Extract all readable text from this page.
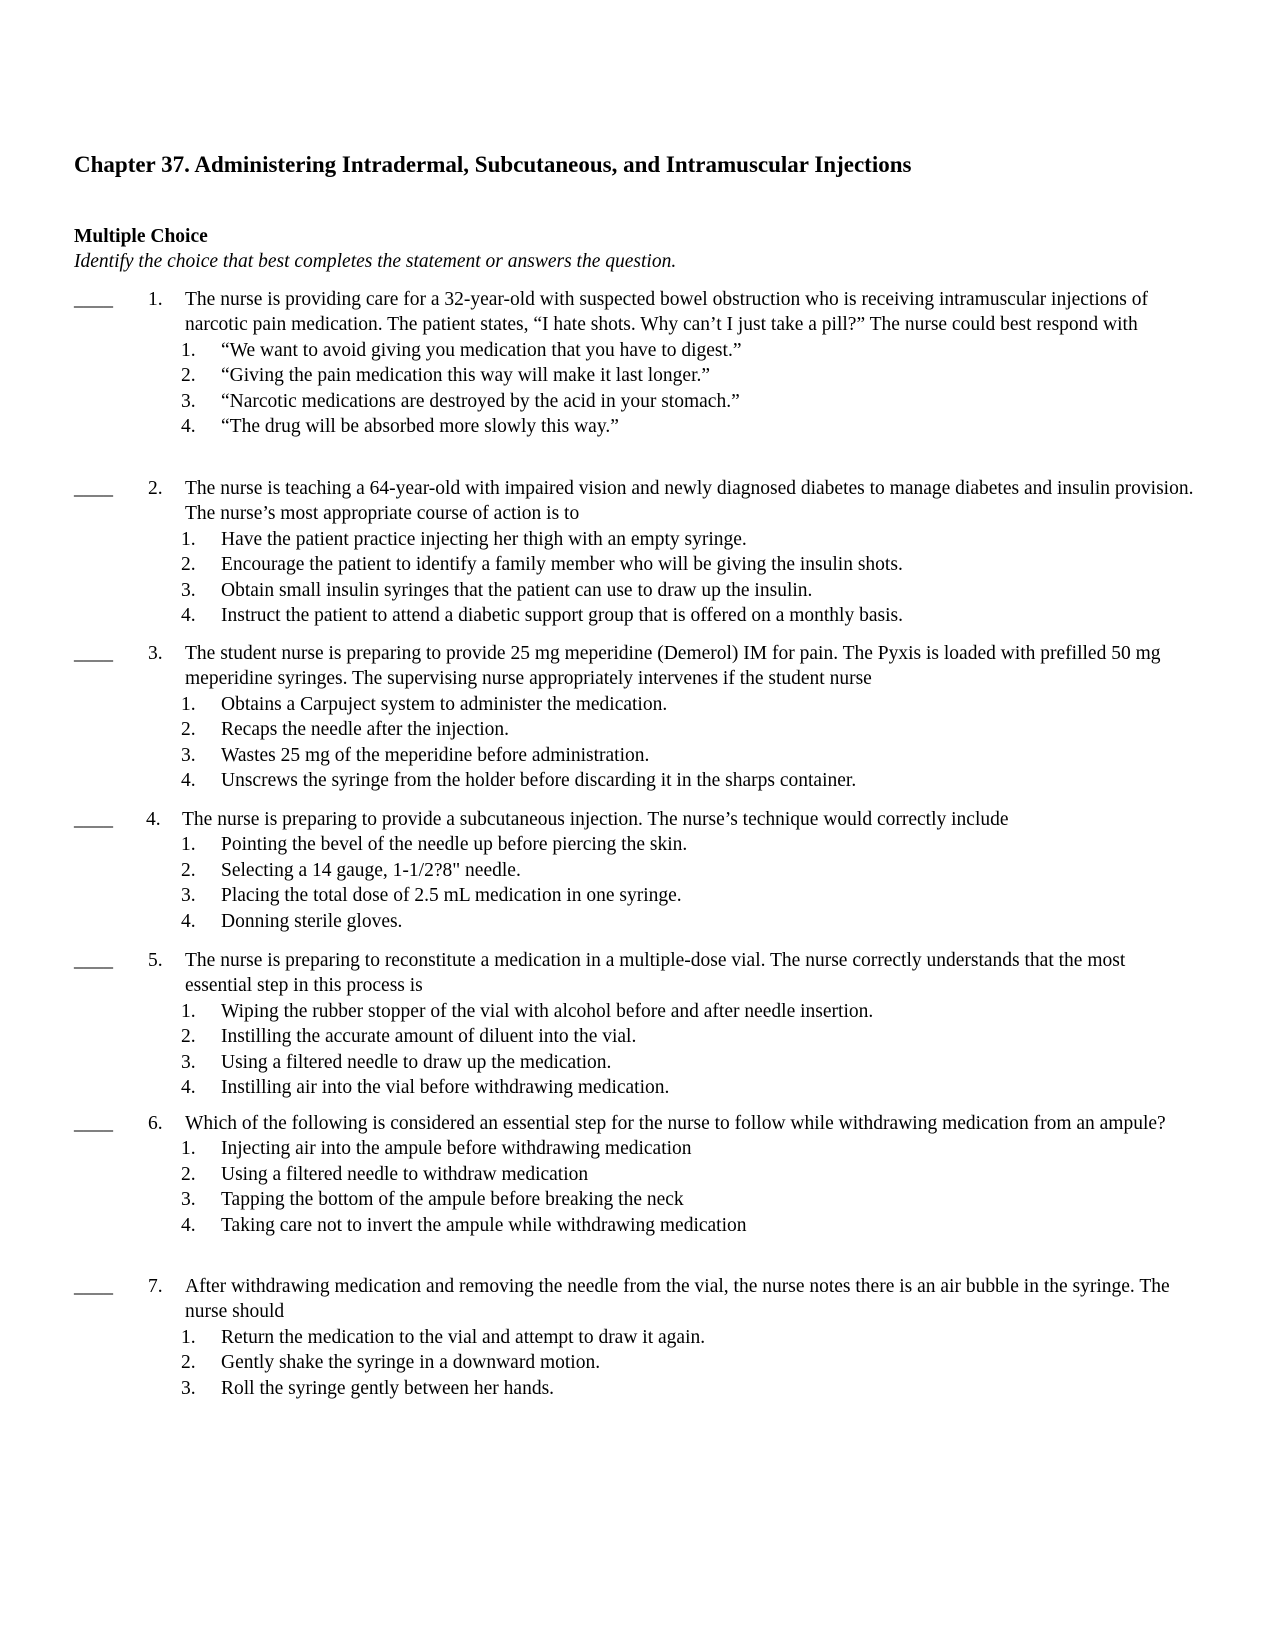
Chapter 37. Administering Intradermal, Subcutaneous, and Intramuscular Injections
Multiple Choice
Identify the choice that best completes the statement or answers the question.
____	1.	The nurse is providing care for a 32-year-old with suspected bowel obstruction who is receiving intramuscular injections of narcotic pain medication. The patient states, “I hate shots. Why can’t I just take a pill?” The nurse could best respond with
1. “We want to avoid giving you medication that you have to digest.”
2. “Giving the pain medication this way will make it last longer.”
3. “Narcotic medications are destroyed by the acid in your stomach.”
4. “The drug will be absorbed more slowly this way.”
____	2.	The nurse is teaching a 64-year-old with impaired vision and newly diagnosed diabetes to manage diabetes and insulin provision. The nurse’s most appropriate course of action is to
1. Have the patient practice injecting her thigh with an empty syringe.
2. Encourage the patient to identify a family member who will be giving the insulin shots.
3. Obtain small insulin syringes that the patient can use to draw up the insulin.
4. Instruct the patient to attend a diabetic support group that is offered on a monthly basis.
____	3.	The student nurse is preparing to provide 25 mg meperidine (Demerol) IM for pain. The Pyxis is loaded with prefilled 50 mg meperidine syringes. The supervising nurse appropriately intervenes if the student nurse
1. Obtains a Carpuject system to administer the medication.
2. Recaps the needle after the injection.
3. Wastes 25 mg of the meperidine before administration.
4. Unscrews the syringe from the holder before discarding it in the sharps container.
____	4.	The nurse is preparing to provide a subcutaneous injection. The nurse’s technique would correctly include
1. Pointing the bevel of the needle up before piercing the skin.
2. Selecting a 14 gauge, 1-1/2?8" needle.
3. Placing the total dose of 2.5 mL medication in one syringe.
4. Donning sterile gloves.
____	5.	The nurse is preparing to reconstitute a medication in a multiple-dose vial. The nurse correctly understands that the most essential step in this process is
1. Wiping the rubber stopper of the vial with alcohol before and after needle insertion.
2. Instilling the accurate amount of diluent into the vial.
3. Using a filtered needle to draw up the medication.
4. Instilling air into the vial before withdrawing medication.
____	6.	Which of the following is considered an essential step for the nurse to follow while withdrawing medication from an ampule?
1. Injecting air into the ampule before withdrawing medication
2. Using a filtered needle to withdraw medication
3. Tapping the bottom of the ampule before breaking the neck
4. Taking care not to invert the ampule while withdrawing medication
____	7.	After withdrawing medication and removing the needle from the vial, the nurse notes there is an air bubble in the syringe. The nurse should
1. Return the medication to the vial and attempt to draw it again.
2. Gently shake the syringe in a downward motion.
3. Roll the syringe gently between her hands.
